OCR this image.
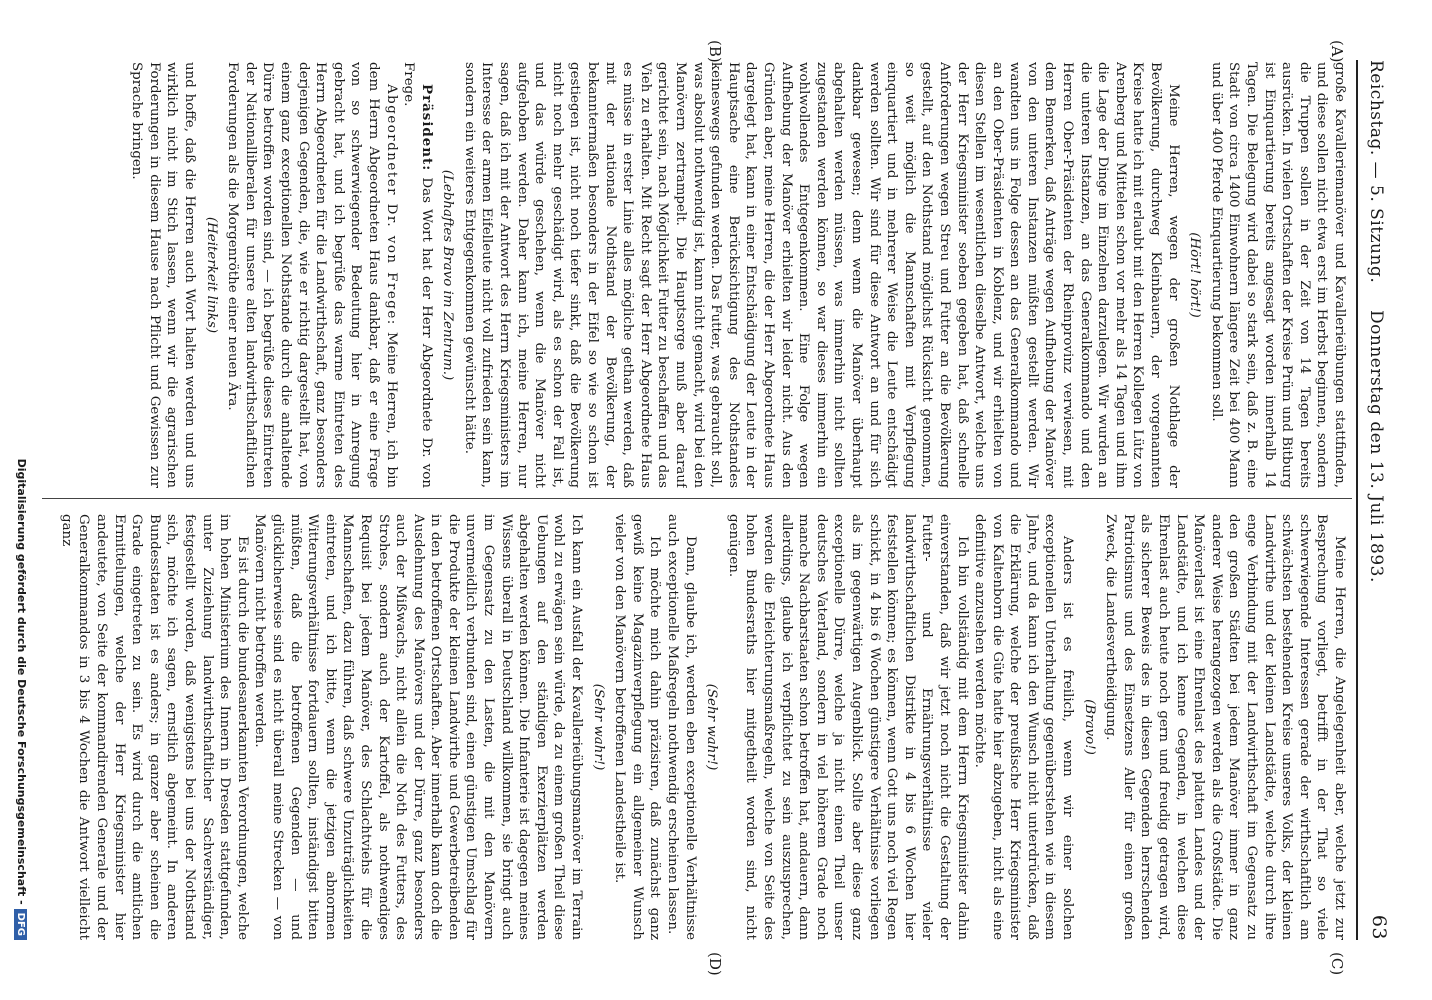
Reichstag. — 5. Sitzung.
Donnerstag den 13. Juli 1893.
63
(A)
(B)
(C)
(D)

große Kavalleriemanöver und Kavallerieübungen stattfinden, und diese sollen nicht etwa erst im Herbst beginnen, sondern die Truppen sollen in der Zeit von 14 Tagen bereits ausrücken. In vielen Ortschaften der Kreise Prüm und Bitburg ist Einquartierung bereits angesagt worden innerhalb 14 Tagen. Die Belegung wird dabei so stark sein, daß z. B. eine Stadt von circa 1400 Einwohnern längere Zeit bei 400 Mann und über 400 Pferde Einquartierung bekommen soll.

(Hört! hört!)

Meine Herren, wegen der großen Nothlage der Bevölkerung, durchweg Kleinbauern, der vorgenannten Kreise hatte ich mit erlaubt mit den Herren Kollegen Lütz von Arenberg und Mittelen schon vor mehr als 14 Tagen und ihm die Lage der Dinge im Einzelnen darzulegen. Wir wurden an die unteren Instanzen, an das Generalkommando und den Herren Ober-Präsidenten der Rheinprovinz verwiesen, mit dem Bemerken, daß Anträge wegen Aufhebung der Manöver von den unteren Instanzen müßten gestellt werden. Wir wandten uns in Folge dessen an das Generalkommando und an den Ober-Präsidenten in Koblenz, und wir erhielten von diesen Stellen im wesentlichen dieselbe Antwort, welche uns der Herr Kriegsminister soeben gegeben hat, daß schnelle Anforderungen wegen Streu und Futter an die Bevölkerung gestellt, auf den Nothstand möglichst Rücksicht genommen, so weit möglich die Mannschaften mit Verpflegung einquartiert und in mehrerer Weise die Leute entschädigt werden sollten. Wir sind für diese Antwort an und für sich dankbar gewesen; denn wenn die Manöver überhaupt abgehalten werden müssen, was immerhin nicht sollten zugestanden werden können, so war dieses immerhin ein wohlwollendes Entgegenkommen. Eine Folge wegen Aufhebung der Manöver erhielten wir leider nicht. Aus den Gründen aber, meine Herren, die der Herr Abgeordnete Haus dargelegt hat, kann in einer Entschädigung der Leute in der Hauptsache eine Berücksichtigung des Nothstandes keineswegs gefunden werden. Das Futter, was gebraucht soll, was absolut nothwendig ist, kann nicht gemacht, wird bei den Manövern zertrampelt. Die Hauptsorge muß aber darauf gerichtet sein, nach Möglichkeit Futter zu beschaffen und das Vieh zu erhalten. Mit Recht sagt der Herr Abgeordnete Haus es müsse in erster Linie alles mögliche gethan werden, daß mit der nationale Nothstand der Bevölkerung, der bekanntermaßen besonders in der Eifel so wie so schon ist gestiegen ist, nicht noch tiefer sinkt, daß die Bevölkerung nicht noch mehr geschädigt wird, als es schon der Fall ist, und das würde geschehen, wenn die Manöver nicht aufgehoben werden. Daher kann ich, meine Herren, nur sagen, daß ich mit der Antwort des Herrn Kriegsministers im Interesse der armen Eifelleute nicht voll zufrieden sein kann, sondern ein weiteres Entgegenkommen gewünscht hätte.

(Lebhaftes Bravo im Zentrum.)

Präsident: Das Wort hat der Herr Abgeordnete Dr. von Frege.

Abgeordneter Dr. von Frege: Meine Herren, ich bin dem Herrn Abgeordneten Haus dankbar, daß er eine Frage von so schwerwiegender Bedeutung hier in Anregung gebracht hat, und ich begrüße das warme Eintreten des Herrn Abgeordneten für die Landwirthschaft, ganz besonders derjenigen Gegenden, die, wie er richtig dargestellt hat, von einem ganz exceptionellen Nothstande durch die anhaltende Dürre betroffen worden sind, — ich begrüße dieses Eintreten der Nationalliberalen für unsere alten landwirthschaftlichen Forderungen als die Morgenröthe einer neuen Ära.

(Heiterkeit links)

und hoffe, daß die Herren auch Wort halten werden und uns wirklich nicht im Stich lassen, wenn wir die agrarischen Forderungen in diesem Hause nach Pflicht und Gewissen zur Sprache bringen.

Meine Herren, die Angelegenheit aber, welche jetzt zur Besprechung vorliegt, betrifft in der That so viele schwerwiegende Interessen gerade der wirthschaftlich am schwächsten bestehenden Kreise unseres Volks, der kleinen Landwirthe und der kleinen Landstädte, welche durch ihre enge Verbindung mit der Landwirthschaft im Gegensatz zu den großen Städten bei jedem Manöver immer in ganz anderer Weise herangezogen werden als die Großstädte. Die Manöverlast ist eine Ehrenlast des platten Landes und der Landstädte, und ich kenne Gegenden, in welchen diese Ehrenlast auch heute noch gern und freudig getragen wird, als sicherer Beweis des in diesen Gegenden herrschenden Patriotismus und des Einsetzens Aller für einen großen Zweck, die Landesvertheidigung.

(Bravo!)

Anders ist es freilich, wenn wir einer solchen exceptionellen Unterhaltung gegenüberstehen wie in diesem Jahre, und da kann ich den Wunsch nicht unterdrücken, daß die Erklärung, welche der preußische Herr Kriegsminister von Kaltenborn die Güte hatte hier abzugeben, nicht als eine definitive anzusehen werden möchte.

Ich bin vollständig mit dem Herrn Kriegsminister dahin einverstanden, daß wir jetzt noch nicht die Gestaltung der Futter- und Ernährungsverhältnisse vieler landwirthschaftlichen Distrikte in 4 bis 6 Wochen hier feststellen können; es können, wenn Gott uns noch viel Regen schickt, in 4 bis 6 Wochen günstigere Verhältnisse vorliegen als im gegenwärtigen Augenblick. Sollte aber diese ganz exceptionelle Dürre, welche ja nicht einen Theil unser deutsches Vaterland, sondern in viel höherem Grade noch manche Nachbarstaaten schon betroffen hat, andauern, dann allerdings, glaube ich verpflichtet zu sein auszusprechen, werden die Erleichterungsmaßregeln, welche von Seite des hohen Bundesraths hier mitgetheilt worden sind, nicht genügen.

(Sehr wahr!)

Dann, glaube ich, werden eben exceptionelle Verhältnisse auch exceptionelle Maßregeln nothwendig erscheinen lassen.

Ich möchte mich dahin präzisiren, daß zunächst ganz gewiß keine Magazinverpflegung ein allgemeiner Wunsch vieler von den Manövern betroffenen Landestheile ist.

(Sehr wahr!)

Ich kann ein Ausfall der Kavallerieübungsmanöver im Terrain wohl zu erwägen sein würde, da zu einem großen Theil diese Uebungen auf den ständigen Exerzierplätzen werden abgehalten werden können. Die Infanterie ist dagegen meines Wissens überall in Deutschland willkommen, sie bringt auch im Gegensatz zu den Lasten, die mit den Manövern unvermeidlich verbunden sind, einen günstigen Umschlag für die Produkte der kleinen Landwirthe und Gewerbetreibenden in den betroffenen Ortschaften. Aber innerhalb kann doch die Ausdehnung des Manövers und der Dürre, ganz besonders auch der Mißwachs, nicht allein die Noth des Futters, des Strohes, sondern auch der Kartoffel, als nothwendiges Requisit bei jedem Manöver, des Schlachtviehs für die Mannschaften, dazu führen, daß schwere Unzuträglichkeiten eintreten, und ich bitte, wenn die jetzigen abnormen Witterungsverhältnisse fortdauern sollten, inständigst bitten müßten, daß die betroffenen Gegenden — und glücklicherweise sind es nicht überall meine Strecken — von Manövern nicht betroffen werden.

Es ist durch die bundesanerkannten Verordnungen, welche im hohen Ministerium des Innern in Dresden stattgefunden, unter Zuziehung landwirthschaftlicher Sachverständiger, festgestellt worden, daß wenigstens bei uns der Nothstand sich, möchte ich sagen, ernstlich abgemeint. In anderen Bundesstaaten ist es anders; in ganzer aber scheinen die Grade eingetreten zu sein. Es wird durch die amtlichen Ermittelungen, welche der Herr Kriegsminister hier andeutete, von Seite der kommandirenden Generale und der Generalkommandos in 3 bis 4 Wochen die Antwort vielleicht ganz

Digitalisierung gefördert durch die Deutsche Forschungsgemeinschaft -DFG
